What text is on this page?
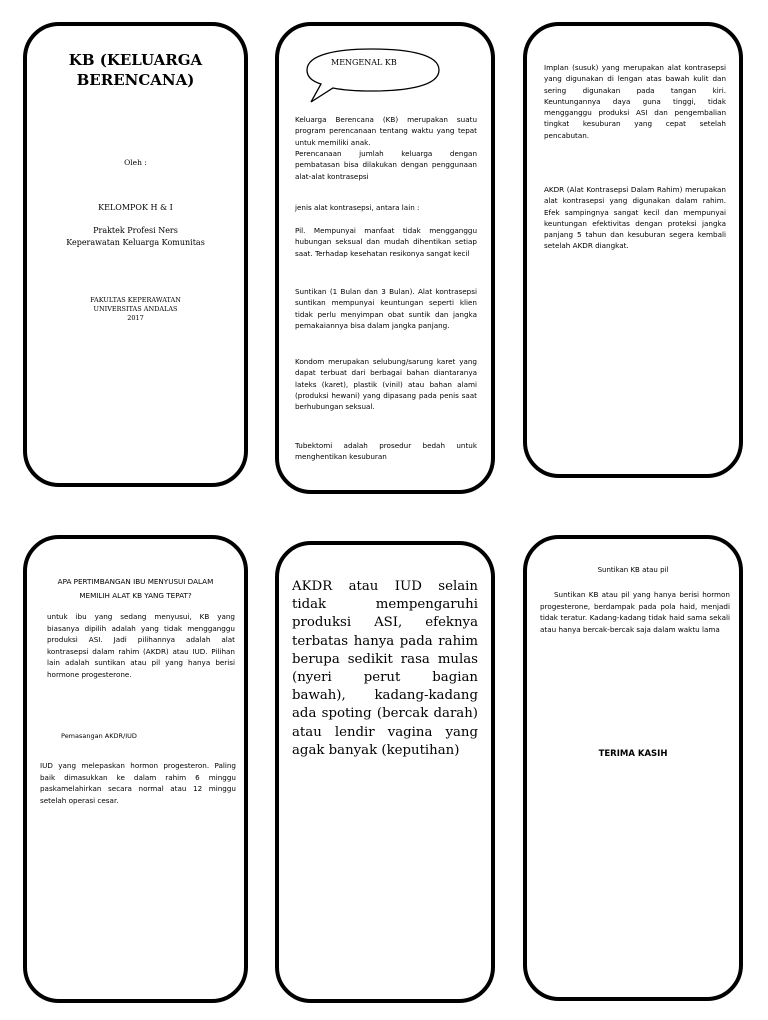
KB (KELUARGA
BERENCANA)
Oleh :
KELOMPOK H & I
Praktek Profesi Ners
Keperawatan Keluarga Komunitas
FAKULTAS KEPERAWATAN
UNIVERSITAS ANDALAS
2017
MENGENAL KB
Keluarga Berencana (KB) merupakan suatu program perencanaan tentang waktu yang tepat untuk memiliki anak.
Perencanaan jumlah keluarga dengan pembatasan bisa dilakukan dengan penggunaan alat-alat kontrasepsi
jenis alat kontrasepsi, antara lain :
Pil. Mempunyai manfaat tidak mengganggu hubungan seksual dan mudah dihentikan setiap saat. Terhadap kesehatan resikonya sangat kecil
Suntikan (1 Bulan dan 3 Bulan). Alat kontrasepsi suntikan mempunyai keuntungan seperti klien tidak perlu menyimpan obat suntik dan jangka pemakaiannya bisa dalam jangka panjang.
Kondom merupakan selubung/sarung karet yang dapat terbuat dari berbagai bahan diantaranya lateks (karet), plastik (vinil) atau bahan alami (produksi hewani) yang dipasang pada penis saat berhubungan seksual.
Tubektomi adalah prosedur bedah untuk menghentikan kesuburan
Implan (susuk) yang merupakan alat kontrasepsi yang digunakan di lengan atas bawah kulit dan sering digunakan pada tangan kiri. Keuntungannya daya guna tinggi, tidak mengganggu produksi ASI dan pengembalian tingkat kesuburan yang cepat setelah pencabutan.
AKDR (Alat Kontrasepsi Dalam Rahim) merupakan alat kontrasepsi yang digunakan dalam rahim. Efek sampingnya sangat kecil dan mempunyai keuntungan efektivitas dengan proteksi jangka panjang 5 tahun dan kesuburan segera kembali setelah AKDR diangkat.
APA PERTIMBANGAN IBU MENYUSUI DALAM
MEMILIH ALAT KB YANG TEPAT?
untuk ibu yang sedang menyusui, KB yang biasanya dipilih adalah yang tidak mengganggu produksi ASI. Jadi pilihannya adalah alat kontrasepsi dalam rahim (AKDR) atau IUD. Pilihan lain adalah suntikan atau pil yang hanya berisi hormone progesterone.
Pemasangan AKDR/IUD
IUD yang melepaskan hormon progesteron. Paling baik dimasukkan ke dalam rahim 6 minggu paskamelahirkan secara normal atau 12 minggu setelah operasi cesar.
AKDR atau IUD selain tidak mempengaruhi produksi ASI, efeknya terbatas hanya pada rahim berupa sedikit rasa mulas (nyeri perut bagian bawah), kadang-kadang ada spoting (bercak darah) atau lendir vagina yang agak banyak (keputihan)
Suntikan KB atau pil
Suntikan KB atau pil yang hanya berisi hormon progesterone, berdampak pada pola haid, menjadi tidak teratur. Kadang-kadang tidak haid sama sekali atau hanya bercak-bercak saja dalam waktu lama
TERIMA KASIH
